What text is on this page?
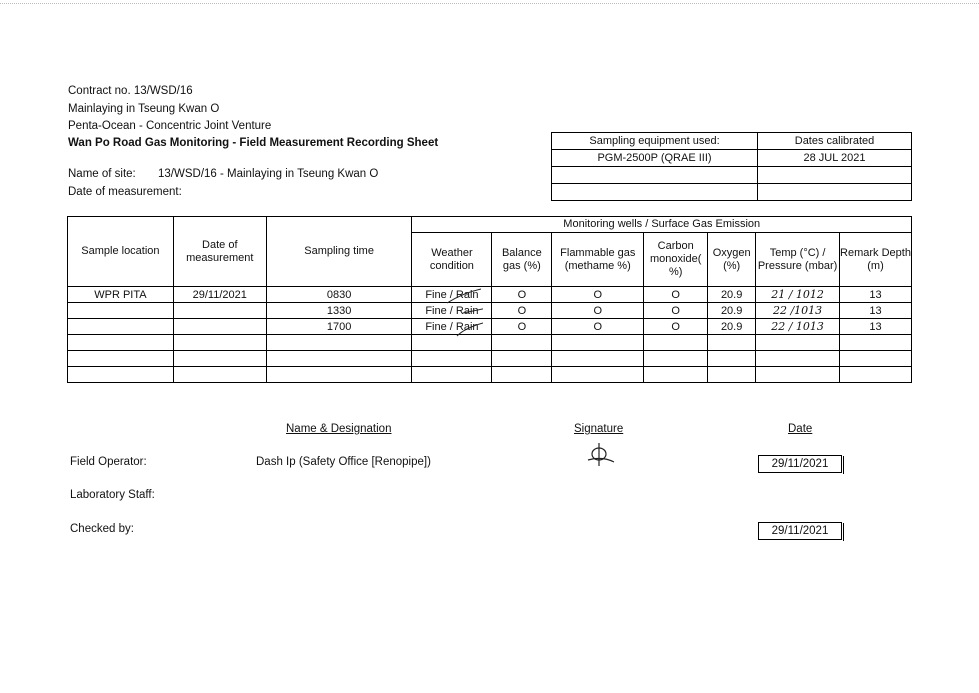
Contract no. 13/WSD/16
Mainlaying in Tseung Kwan O
Penta-Ocean - Concentric Joint Venture
Wan Po Road Gas Monitoring - Field Measurement Recording Sheet
Name of site: 13/WSD/16 - Mainlaying in Tseung Kwan O
Date of measurement:
Sampling equipment used:	Dates calibrated
PGM-2500P (QRAE III)	28 JUL 2021

Sample location	Date of measurement	Sampling time	Monitoring wells / Surface Gas Emission						
			Weather condition	Balance gas (%)	Flammable gas (methame %)	Carbon monoxide( %)	Oxygen (%)	Temp (°C) / Pressure (mbar)	Remark Depth (m)
WPR PITA	29/11/2021	0830	Fine / Rain	O	O	O	20.9	21 / 1012	13
		1330	Fine / Rain	O	O	O	20.9	22 /1013	13
		1700	Fine / Rain	O	O	O	20.9	22 / 1013	13

Name & Designation	Signature	Date
Field Operator:	Dash Ip (Safety Office [Renopipe])	29/11/2021
Laboratory Staff:
Checked by:	29/11/2021
